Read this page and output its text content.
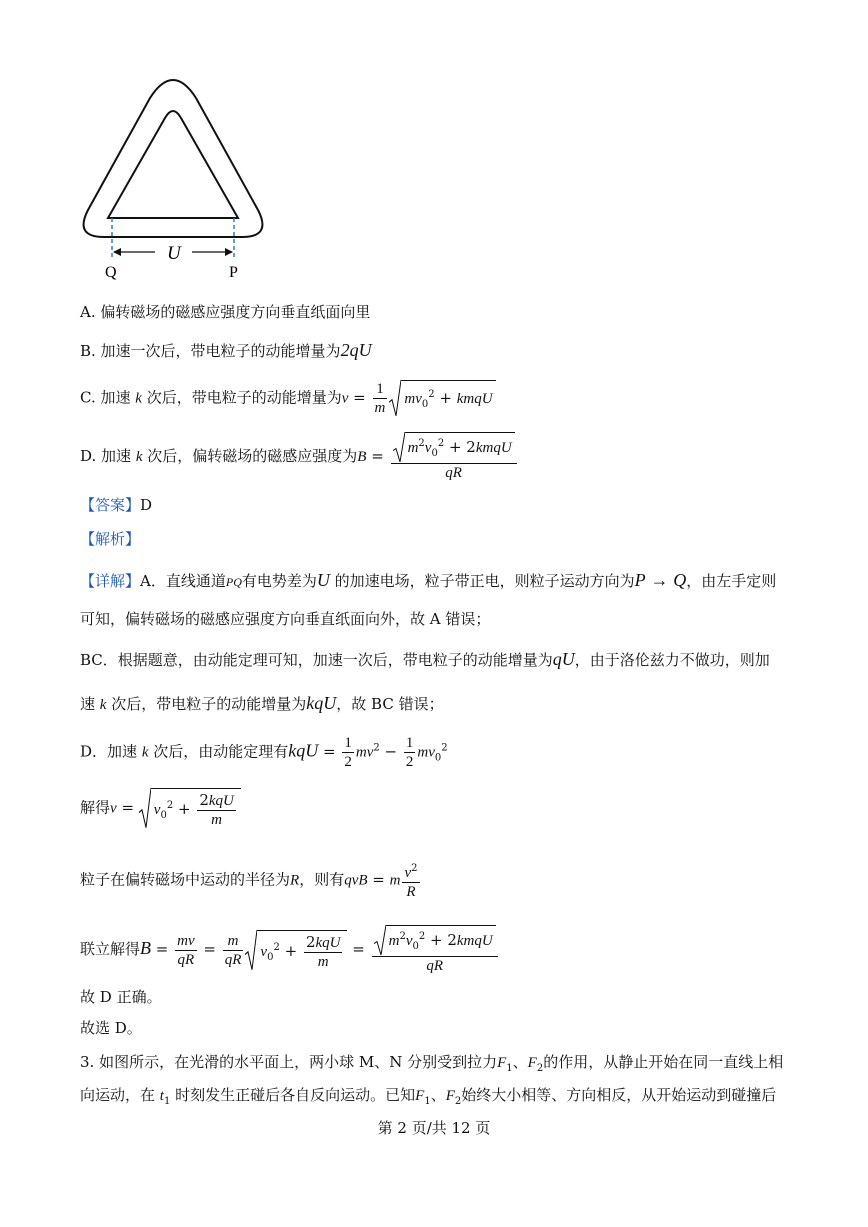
U
Q	P
A. 偏转磁场的磁感应强度方向垂直纸面向里
B. 加速一次后，带电粒子的动能增量为2qU
C. 加速 k 次后，带电粒子的动能增量为$v = \frac{1}{m} mv_0^2$ + kmqU
D. 加速 k 次后，偏转磁场的磁感应强度为$B = \frac{m^2v_0^2 + 2kmqU}{qR}$
【答案】D
【解析】
【详解】A．直线通道PQ有电势差为U 的加速电场，粒子带正电，则粒子运动方向为P → Q，由左手定则
可知，偏转磁场的磁感应强度方向垂直纸面向外，故 A 错误；
BC．根据题意，由动能定理可知，加速一次后，带电粒子的动能增量为qU，由于洛伦兹力不做功，则加
速 k 次后，带电粒子的动能增量为kqU，故 BC 错误；
D．加速 k 次后，由动能定理有kqU = $\frac{1}{2} mv^2 - \frac{1}{2} mv_0^2$
解得v =
$v_0^2 + \frac{\text{2kqU}}{m}$
粒子在偏转磁场中运动的半径为R，则有qvB = m $\frac{v^2}{R}$
联立解得$B = \frac{mv}{qR} = \frac{m}{qR} v_0^2 + \frac{\text{2kqU}}{m} = \frac{m^2v_0^2 + 2kmqU}{qR}$
故 D 正确。
故选 D。
3. 如图所示，在光滑的水平面上，两小球 M、N 分别受到拉力$F_1$、$F_2$的作用，从静止开始在同一直线上相
向运动，在 $t_1$ 时刻发生正碰后各自反向运动。已知$F_1$、$F_2$始终大小相等、方向相反，从开始运动到碰撞后
第 2 页/共 12 页
